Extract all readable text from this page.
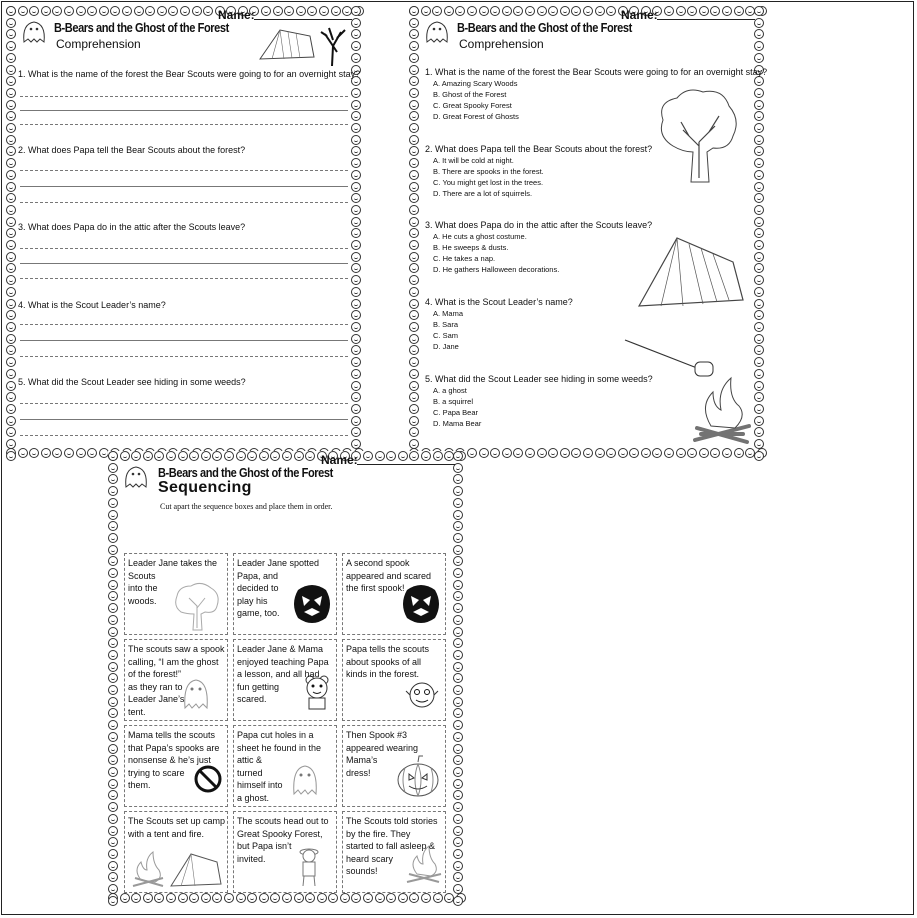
B-Bears and the Ghost of the Forest
Comprehension
Name:
1. What is the name of the forest the Bear Scouts were going to for an overnight stay?
2. What does Papa tell the Bear Scouts about the forest?
3. What does Papa do in the attic after the Scouts leave?
4. What is the Scout Leader’s name?
5. What did the Scout Leader see hiding in some weeds?
B-Bears and the Ghost of the Forest
Comprehension
Name:
1. What is the name of the forest the Bear Scouts were going to for an overnight stay?
A. Amazing Scary Woods
B. Ghost of the Forest
C. Great Spooky Forest
D. Great Forest of Ghosts
2. What does Papa tell the Bear Scouts about the forest?
A. It will be cold at night.
B. There are spooks in the forest.
C. You might get lost in the trees.
D. There are a lot of squirrels.
3. What does Papa do in the attic after the Scouts leave?
A. He cuts a ghost costume.
B. He sweeps & dusts.
C. He takes a nap.
D. He gathers Halloween decorations.
4. What is the Scout Leader’s name?
A. Mama
B. Sara
C. Sam
D. Jane
5. What did the Scout Leader see hiding in some weeds?
A. a ghost
B. a squirrel
C. Papa Bear
D. Mama Bear
B-Bears and the Ghost of the Forest
Sequencing
Name:
Cut apart the sequence boxes and place them in order.
Leader Jane takes the
Scouts
into the
woods.
Leader Jane spotted
Papa, and
decided to
play his
game, too.
A second spook
appeared and scared
the first spook!
The scouts saw a spook
calling, “I am the ghost
of the forest!”
as they ran to
Leader Jane’s
tent.
Leader Jane & Mama
enjoyed teaching Papa
a lesson, and all had
fun getting
scared.
Papa tells the scouts
about spooks of all
kinds in the forest.
Mama tells the scouts
that Papa’s spooks are
nonsense & he’s just
trying to scare
them.
Papa cut holes in a
sheet he found in the
attic &
turned
himself into
a ghost.
Then Spook #3
appeared wearing
Mama’s
dress!
The Scouts set up camp
with a tent and fire.
The scouts head out to
Great Spooky Forest,
but Papa isn’t
invited.
The Scouts told stories
by the fire. They
started to fall asleep &
heard scary
sounds!
